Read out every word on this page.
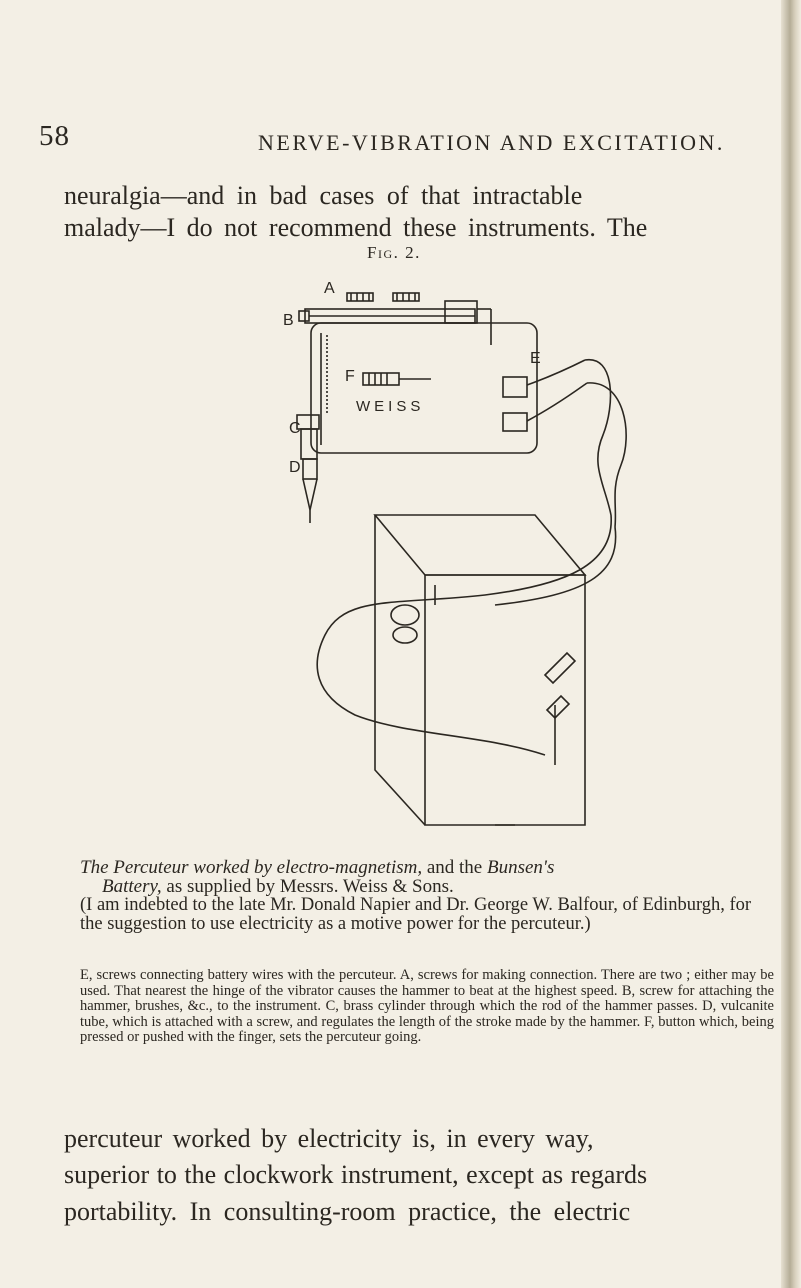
58	NERVE-VIBRATION AND EXCITATION.
neuralgia—and in bad cases of that intractable
malady—I do not recommend these instruments. The
Fig. 2.
A
B
C
D
E
F
WEISS
The Percuteur worked by electro-magnetism, and the Bunsen's
Battery, as supplied by Messrs. Weiss & Sons.
(I am indebted to the late Mr. Donald Napier and Dr. George W. Balfour, of Edinburgh, for the suggestion to use electricity as a motive power for the percuteur.)
E, screws connecting battery wires with the percuteur. A, screws for making connection. There are two ; either may be used. That nearest the hinge of the vibrator causes the hammer to beat at the highest speed. B, screw for attaching the hammer, brushes, &c., to the instrument. C, brass cylinder through which the rod of the hammer passes. D, vulcanite tube, which is attached with a screw, and regulates the length of the stroke made by the hammer. F, button which, being pressed or pushed with the finger, sets the percuteur going.
percuteur worked by electricity is, in every way,
superior to the clockwork instrument, except as regards
portability. In consulting-room practice, the electric
